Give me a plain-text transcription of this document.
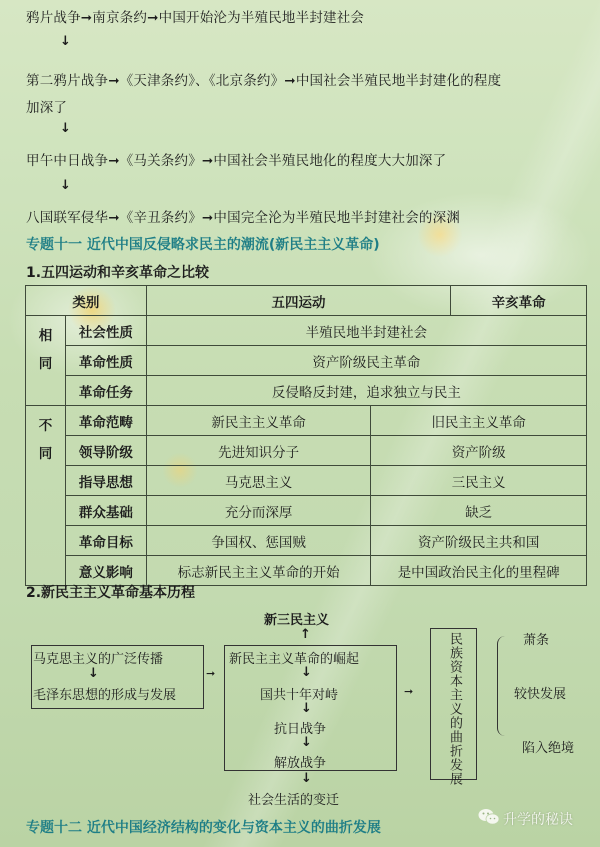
鸦片战争➞南京条约➞中国开始沦为半殖民地半封建社会
↓
第二鸦片战争➞《天津条约》、《北京条约》➞中国社会半殖民地半封建化的程度
加深了
↓
甲午中日战争➞《马关条约》➞中国社会半殖民地化的程度大大加深了
↓
八国联军侵华➞《辛丑条约》➞中国完全沦为半殖民地半封建社会的深渊
专题十一 近代中国反侵略求民主的潮流(新民主主义革命)
1.五四运动和辛亥革命之比较
类别		五四运动		辛亥革命

相
同	社会性质	半殖民地半封建社会		
	革命性质	资产阶级民主革命		
	革命任务	反侵略反封建，追求独立与民主		

不
同	革命范畴	新民主主义革命	旧民主主义革命	
	领导阶级	先进知识分子	资产阶级	
	指导思想	马克思主义	三民主义	
	群众基础	充分而深厚	缺乏	
	革命目标	争国权、惩国贼	资产阶级民主共和国	
	意义影响	标志新民主主义革命的开始	是中国政治民主化的里程碑	
2.新民主主义革命基本历程
马克思主义的广泛传播
↓
毛泽东思想的形成与发展
➞
新三民主义
↑
新民主主义革命的崛起
↓
国共十年对峙
↓
抗日战争
↓
解放战争
↓
社会生活的变迁
➞	民族资本主义的曲折发展	萧条
较快发展
陷入绝境
专题十二 近代中国经济结构的变化与资本主义的曲折发展	升学的秘诀
